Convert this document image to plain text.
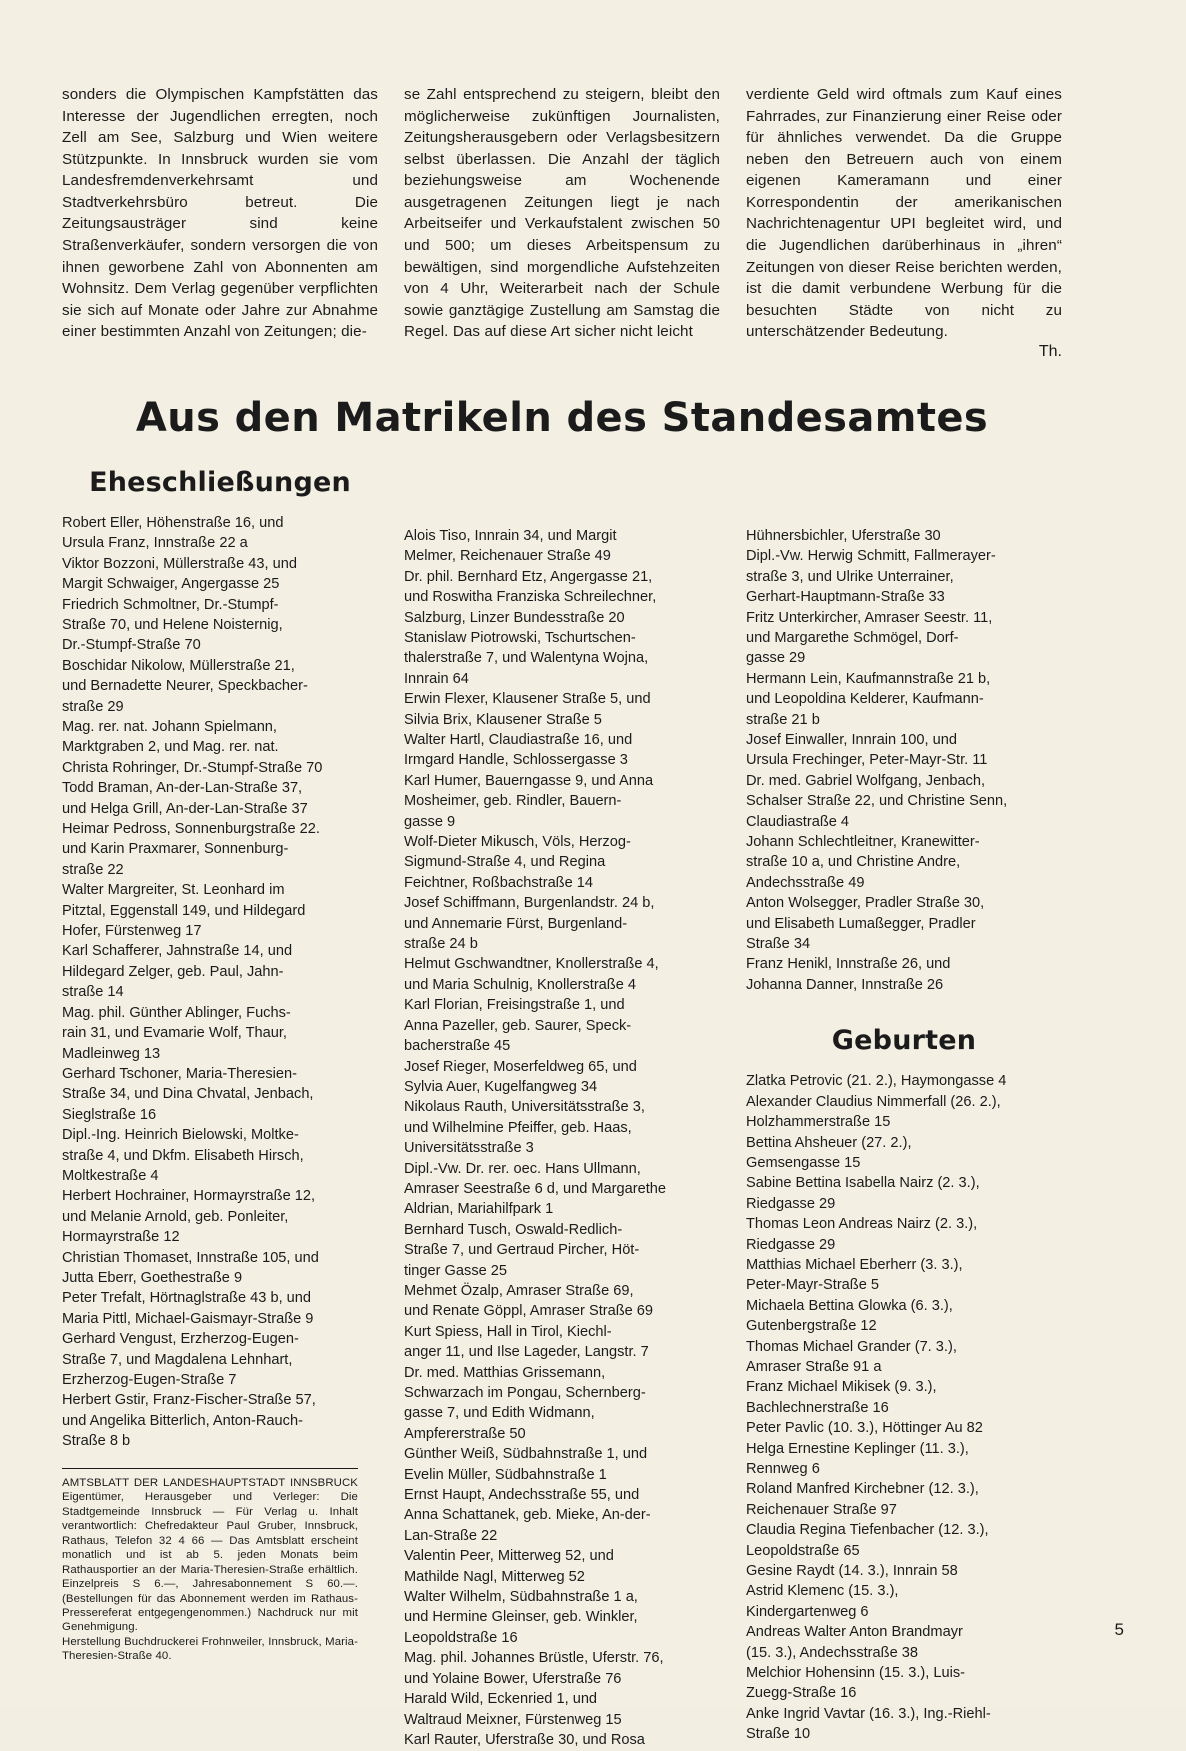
sonders die Olympischen Kampfstätten das Interesse der Jugendlichen erregten, noch Zell am See, Salzburg und Wien weitere Stützpunkte. In Innsbruck wurden sie vom Landesfremdenverkehrsamt und Stadtverkehrsbüro betreut. Die Zeitungsausträger sind keine Straßenverkäufer, sondern versorgen die von ihnen geworbene Zahl von Abonnenten am Wohnsitz. Dem Verlag gegenüber verpflichten sie sich auf Monate oder Jahre zur Abnahme einer bestimmten Anzahl von Zeitungen; die-

se Zahl entsprechend zu steigern, bleibt den möglicherweise zukünftigen Journalisten, Zeitungsherausgebern oder Verlagsbesitzern selbst überlassen. Die Anzahl der täglich beziehungsweise am Wochenende ausgetragenen Zeitungen liegt je nach Arbeitseifer und Verkaufstalent zwischen 50 und 500; um dieses Arbeitspensum zu bewältigen, sind morgendliche Aufstehzeiten von 4 Uhr, Weiterarbeit nach der Schule sowie ganztägige Zustellung am Samstag die Regel. Das auf diese Art sicher nicht leicht

verdiente Geld wird oftmals zum Kauf eines Fahrrades, zur Finanzierung einer Reise oder für ähnliches verwendet. Da die Gruppe neben den Betreuern auch von einem eigenen Kameramann und einer Korrespondentin der amerikanischen Nachrichtenagentur UPI begleitet wird, und die Jugendlichen darüberhinaus in „ihren“ Zeitungen von dieser Reise berichten werden, ist die damit verbundene Werbung für die besuchten Städte von nicht zu unterschätzender Bedeutung.

Th.
Aus den Matrikeln des Standesamtes
Eheschließungen
Robert Eller, Höhenstraße 16, und
Ursula Franz, Innstraße 22 a
Viktor Bozzoni, Müllerstraße 43, und
Margit Schwaiger, Angergasse 25
Friedrich Schmoltner, Dr.-Stumpf-
Straße 70, und Helene Noisternig,
Dr.-Stumpf-Straße 70
Boschidar Nikolow, Müllerstraße 21,
und Bernadette Neurer, Speckbacher-
straße 29
Mag. rer. nat. Johann Spielmann,
Marktgraben 2, und Mag. rer. nat.
Christa Rohringer, Dr.-Stumpf-Straße 70
Todd Braman, An-der-Lan-Straße 37,
und Helga Grill, An-der-Lan-Straße 37
Heimar Pedross, Sonnenburgstraße 22.
und Karin Praxmarer, Sonnenburg-
straße 22
Walter Margreiter, St. Leonhard im
Pitztal, Eggenstall 149, und Hildegard
Hofer, Fürstenweg 17
Karl Schafferer, Jahnstraße 14, und
Hildegard Zelger, geb. Paul, Jahn-
straße 14
Mag. phil. Günther Ablinger, Fuchs-
rain 31, und Evamarie Wolf, Thaur,
Madleinweg 13
Gerhard Tschoner, Maria-Theresien-
Straße 34, und Dina Chvatal, Jenbach,
Sieglstraße 16
Dipl.-Ing. Heinrich Bielowski, Moltke-
straße 4, und Dkfm. Elisabeth Hirsch,
Moltkestraße 4
Herbert Hochrainer, Hormayrstraße 12,
und Melanie Arnold, geb. Ponleiter,
Hormayrstraße 12
Christian Thomaset, Innstraße 105, und
Jutta Eberr, Goethestraße 9
Peter Trefalt, Hörtnaglstraße 43 b, und
Maria Pittl, Michael-Gaismayr-Straße 9
Gerhard Vengust, Erzherzog-Eugen-
Straße 7, und Magdalena Lehnhart,
Erzherzog-Eugen-Straße 7
Herbert Gstir, Franz-Fischer-Straße 57,
und Angelika Bitterlich, Anton-Rauch-
Straße 8 b
AMTSBLATT DER LANDESHAUPTSTADT INNSBRUCK Eigentümer, Herausgeber und Verleger: Die Stadtgemeinde Innsbruck — Für Verlag u. Inhalt verantwortlich: Chefredakteur Paul Gruber, Innsbruck, Rathaus, Telefon 32 4 66 — Das Amtsblatt erscheint monatlich und ist ab 5. jeden Monats beim Rathausportier an der Maria-Theresien-Straße erhältlich. Einzelpreis S 6.—, Jahresabonnement S 60.—. (Bestellungen für das Abonnement werden im Rathaus-Pressereferat entgegengenommen.) Nachdruck nur mit Genehmigung.
Herstellung Buchdruckerei Frohnweiler, Innsbruck, Maria-Theresien-Straße 40.
Alois Tiso, Innrain 34, und Margit
Melmer, Reichenauer Straße 49
Dr. phil. Bernhard Etz, Angergasse 21,
und Roswitha Franziska Schreilechner,
Salzburg, Linzer Bundesstraße 20
Stanislaw Piotrowski, Tschurtschen-
thalerstraße 7, und Walentyna Wojna,
Innrain 64
Erwin Flexer, Klausener Straße 5, und
Silvia Brix, Klausener Straße 5
Walter Hartl, Claudiastraße 16, und
Irmgard Handle, Schlossergasse 3
Karl Humer, Bauerngasse 9, und Anna
Mosheimer, geb. Rindler, Bauern-
gasse 9
Wolf-Dieter Mikusch, Völs, Herzog-
Sigmund-Straße 4, und Regina
Feichtner, Roßbachstraße 14
Josef Schiffmann, Burgenlandstr. 24 b,
und Annemarie Fürst, Burgenland-
straße 24 b
Helmut Gschwandtner, Knollerstraße 4,
und Maria Schulnig, Knollerstraße 4
Karl Florian, Freisingstraße 1, und
Anna Pazeller, geb. Saurer, Speck-
bacherstraße 45
Josef Rieger, Moserfeldweg 65, und
Sylvia Auer, Kugelfangweg 34
Nikolaus Rauth, Universitätsstraße 3,
und Wilhelmine Pfeiffer, geb. Haas,
Universitätsstraße 3
Dipl.-Vw. Dr. rer. oec. Hans Ullmann,
Amraser Seestraße 6 d, und Margarethe
Aldrian, Mariahilfpark 1
Bernhard Tusch, Oswald-Redlich-
Straße 7, und Gertraud Pircher, Höt-
tinger Gasse 25
Mehmet Özalp, Amraser Straße 69,
und Renate Göppl, Amraser Straße 69
Kurt Spiess, Hall in Tirol, Kiechl-
anger 11, und Ilse Lageder, Langstr. 7
Dr. med. Matthias Grissemann,
Schwarzach im Pongau, Schernberg-
gasse 7, und Edith Widmann,
Ampfererstraße 50
Günther Weiß, Südbahnstraße 1, und
Evelin Müller, Südbahnstraße 1
Ernst Haupt, Andechsstraße 55, und
Anna Schattanek, geb. Mieke, An-der-
Lan-Straße 22
Valentin Peer, Mitterweg 52, und
Mathilde Nagl, Mitterweg 52
Walter Wilhelm, Südbahnstraße 1 a,
und Hermine Gleinser, geb. Winkler,
Leopoldstraße 16
Mag. phil. Johannes Brüstle, Uferstr. 76,
und Yolaine Bower, Uferstraße 76
Harald Wild, Eckenried 1, und
Waltraud Meixner, Fürstenweg 15
Karl Rauter, Uferstraße 30, und Rosa
Hühnersbichler, Uferstraße 30
Dipl.-Vw. Herwig Schmitt, Fallmerayer-
straße 3, und Ulrike Unterrainer,
Gerhart-Hauptmann-Straße 33
Fritz Unterkircher, Amraser Seestr. 11,
und Margarethe Schmögel, Dorf-
gasse 29
Hermann Lein, Kaufmannstraße 21 b,
und Leopoldina Kelderer, Kaufmann-
straße 21 b
Josef Einwaller, Innrain 100, und
Ursula Frechinger, Peter-Mayr-Str. 11
Dr. med. Gabriel Wolfgang, Jenbach,
Schalser Straße 22, und Christine Senn,
Claudiastraße 4
Johann Schlechtleitner, Kranewitter-
straße 10 a, und Christine Andre,
Andechsstraße 49
Anton Wolsegger, Pradler Straße 30,
und Elisabeth Lumaßegger, Pradler
Straße 34
Franz Henikl, Innstraße 26, und
Johanna Danner, Innstraße 26
Geburten
Zlatka Petrovic (21. 2.), Haymongasse 4
Alexander Claudius Nimmerfall (26. 2.),
Holzhammerstraße 15
Bettina Ahsheuer (27. 2.),
Gemsengasse 15
Sabine Bettina Isabella Nairz (2. 3.),
Riedgasse 29
Thomas Leon Andreas Nairz (2. 3.),
Riedgasse 29
Matthias Michael Eberherr (3. 3.),
Peter-Mayr-Straße 5
Michaela Bettina Glowka (6. 3.),
Gutenbergstraße 12
Thomas Michael Grander (7. 3.),
Amraser Straße 91 a
Franz Michael Mikisek (9. 3.),
Bachlechnerstraße 16
Peter Pavlic (10. 3.), Höttinger Au 82
Helga Ernestine Keplinger (11. 3.),
Rennweg 6
Roland Manfred Kirchebner (12. 3.),
Reichenauer Straße 97
Claudia Regina Tiefenbacher (12. 3.),
Leopoldstraße 65
Gesine Raydt (14. 3.), Innrain 58
Astrid Klemenc (15. 3.),
Kindergartenweg 6
Andreas Walter Anton Brandmayr
(15. 3.), Andechsstraße 38
Melchior Hohensinn (15. 3.), Luis-
Zuegg-Straße 16
Anke Ingrid Vavtar (16. 3.), Ing.-Riehl-
Straße 10
5
